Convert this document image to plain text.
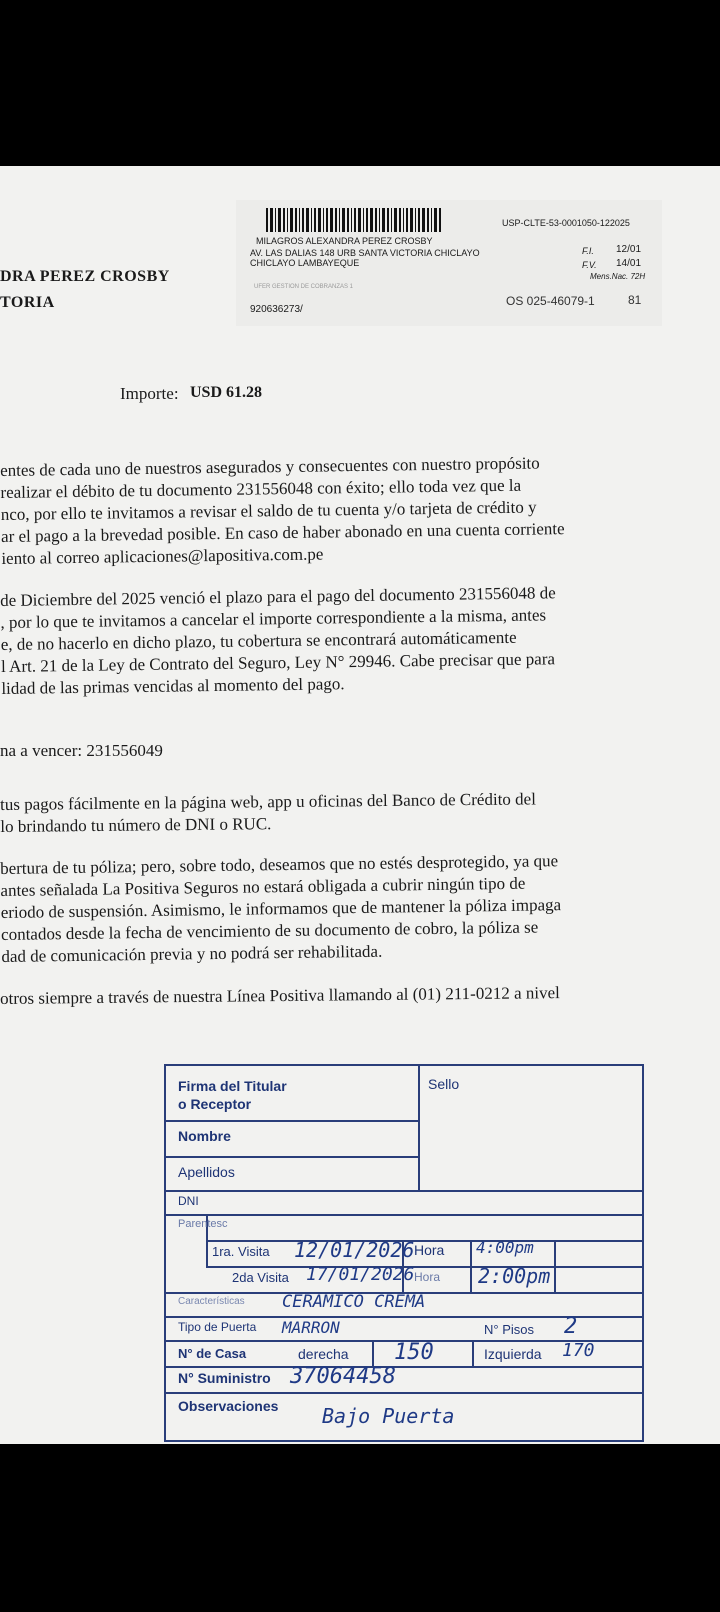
USP-CLTE-53-0001050-122025
MILAGROS ALEXANDRA PEREZ CROSBY
AV. LAS DALIAS 148 URB SANTA VICTORIA CHICLAYO
CHICLAYO LAMBAYEQUE
UFER GESTION DE COBRANZAS 1
F.I. 12/01
F.V. 14/01
Mens.Nac. 72H
920636273/
OS 025-46079-1	81
DRA PEREZ CROSBY
TORIA
Importe: USD 61.28
entes de cada uno de nuestros asegurados y consecuentes con nuestro propósito
realizar el débito de tu documento 231556048 con éxito; ello toda vez que la
nco, por ello te invitamos a revisar el saldo de tu cuenta y/o tarjeta de crédito y
ar el pago a la brevedad posible. En caso de haber abonado en una cuenta corriente
iento al correo aplicaciones@lapositiva.com.pe
de Diciembre del 2025 venció el plazo para el pago del documento 231556048 de
, por lo que te invitamos a cancelar el importe correspondiente a la misma, antes
e, de no hacerlo en dicho plazo, tu cobertura se encontrará automáticamente
l Art. 21 de la Ley de Contrato del Seguro, Ley N° 29946. Cabe precisar que para
lidad de las primas vencidas al momento del pago.
na a vencer: 231556049
tus pagos fácilmente en la página web, app u oficinas del Banco de Crédito del
lo brindando tu número de DNI o RUC.
bertura de tu póliza; pero, sobre todo, deseamos que no estés desprotegido, ya que
antes señalada La Positiva Seguros no estará obligada a cubrir ningún tipo de
eriodo de suspensión. Asimismo, le informamos que de mantener la póliza impaga
contados desde la fecha de vencimiento de su documento de cobro, la póliza se
dad de comunicación previa y no podrá ser rehabilitada.
otros siempre a través de nuestra Línea Positiva llamando al (01) 211-0212 a nivel
Firma del Titular
o Receptor
Sello
Nombre
Apellidos
DNI
Parentesc
1ra. Visita 12/01/2026 Hora 4:00pm
2da Visita 17/01/2026 Hora 2:00pm
Características CERAMICO CREMA
Tipo de Puerta MARRON	N° Pisos 2
N° de Casa	derecha 150	Izquierda 170
N° Suministro 37064458
Observaciones Bajo Puerta
